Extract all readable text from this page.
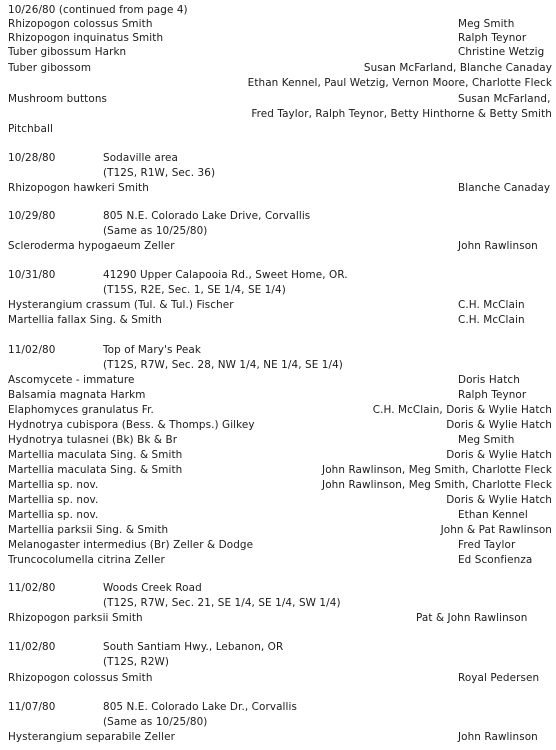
10/26/80 (continued from page 4)
Rhizopogon colossus Smith	Meg Smith
Rhizopogon inquinatus Smith	Ralph Teynor
Tuber gibossum Harkn	Christine Wetzig
Tuber gibossom	Susan McFarland, Blanche Canaday
Ethan Kennel, Paul Wetzig, Vernon Moore, Charlotte Fleck
Mushroom buttons	Susan McFarland,
Fred Taylor, Ralph Teynor, Betty Hinthorne & Betty Smith
Pitchball
10/28/80	Sodaville area
(T12S, R1W, Sec. 36)
Rhizopogon hawkeri Smith	Blanche Canaday
10/29/80	805 N.E. Colorado Lake Drive, Corvallis
(Same as 10/25/80)
Scleroderma hypogaeum Zeller	John Rawlinson
10/31/80	41290 Upper Calapooia Rd., Sweet Home, OR.
(T15S, R2E, Sec. 1, SE 1/4, SE 1/4)
Hysterangium crassum (Tul. & Tul.) Fischer	C.H. McClain
Martellia fallax Sing. & Smith	C.H. McClain
11/02/80	Top of Mary's Peak
(T12S, R7W, Sec. 28, NW 1/4, NE 1/4, SE 1/4)
Ascomycete - immature	Doris Hatch
Balsamia magnata Harkm	Ralph Teynor
Elaphomyces granulatus Fr.	C.H. McClain, Doris & Wylie Hatch
Hydnotrya cubispora (Bess. & Thomps.) Gilkey	Doris & Wylie Hatch
Hydnotrya tulasnei (Bk) Bk & Br	Meg Smith
Martellia maculata Sing. & Smith	Doris & Wylie Hatch
Martellia maculata Sing. & Smith	John Rawlinson, Meg Smith, Charlotte Fleck
Martellia sp. nov.	John Rawlinson, Meg Smith, Charlotte Fleck
Martellia sp. nov.	Doris & Wylie Hatch
Martellia sp. nov.	Ethan Kennel
Martellia parksii Sing. & Smith	John & Pat Rawlinson
Melanogaster intermedius (Br) Zeller & Dodge	Fred Taylor
Truncocolumella citrina Zeller	Ed Sconfienza
11/02/80	Woods Creek Road
(T12S, R7W, Sec. 21, SE 1/4, SE 1/4, SW 1/4)
Rhizopogon parksii Smith	Pat & John Rawlinson
11/02/80	South Santiam Hwy., Lebanon, OR
(T12S, R2W)
Rhizopogon colossus Smith	Royal Pedersen
11/07/80	805 N.E. Colorado Lake Dr., Corvallis
(Same as 10/25/80)
Hysterangium separabile Zeller	John Rawlinson
